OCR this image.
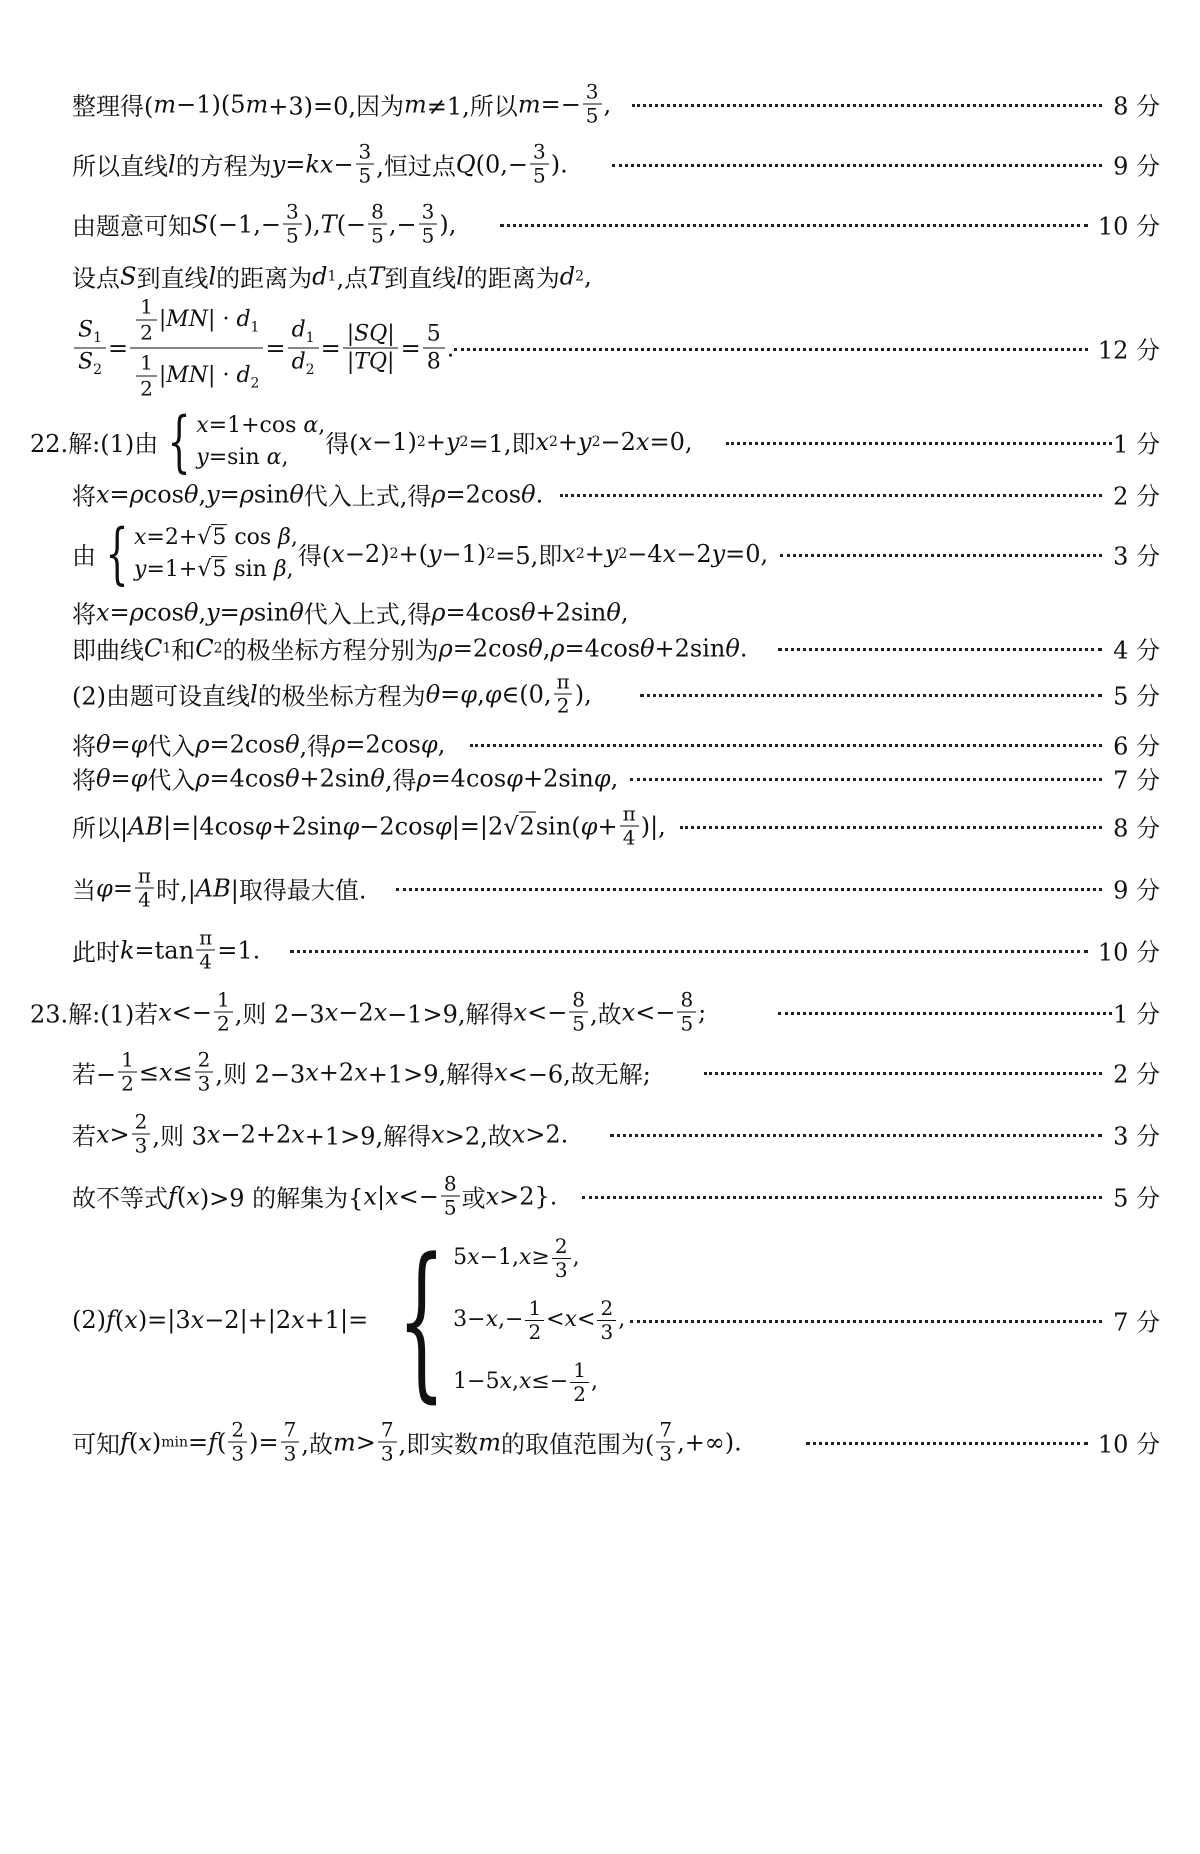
整理得( m −1)(5 m +3)=0,因为 m ≠1,所以 $m =- \frac{3}{5}$ ,	8 分
所以直线 l 的方程为 y = kx − $\frac{3}{5}$ ,恒过点 Q ($0,- \frac{3}{5}$ ).	9 分
由题意可知 S ($-1,- \frac{3}{5}$ ), T (− $\frac{8}{5}$ ,− $\frac{3}{5}$ ),	10 分
设点 S 到直线 l 的距离为 d 1 ,点 T 到直线 l 的距离为 d 2 ,
$\frac{S_1}{S_2} = \frac{\frac{1}{2} |MN| \cdot d_1}{\frac{1}{2} |MN| \cdot d_2} = \frac{d_1}{d_2} = \frac{|SQ|}{|TQ|} = \frac{5}{8}$ .	12 分
22.解:(1)由 { x=1+cos α,
y=sin α,	得( x −1) 2 + y 2 =1,即 x 2 + y 2 −2 x =0,	1 分
将 x = ρ cos θ , y = ρ sin θ 代入上式,得 ρ =2cos θ .	2 分
由 { x=2+√5 cos β,
y=1+√5 sin β, 得( x −2) 2 +( y −1) 2 =5,即 x 2 + y 2 −4 x −2 y =0,	3 分
将 x = ρ cos θ , y = ρ sin θ 代入上式,得 ρ =4cos θ +2sin θ ,
即曲线 C 1 和 C 2 的极坐标方程分别为 ρ =2cos θ , ρ =4cos θ +2sin θ .	4 分
(2)由题可设直线 l 的极坐标方程为 θ = φ , φ ∈(0, $\frac{\pi}{2}$ ),	5 分
将 θ = φ 代入 ρ =2cos θ ,得 ρ =2cos φ ,	6 分
将 θ = φ 代入 ρ =4cos θ +2sin θ ,得 ρ =4cos φ +2sin φ ,	7 分
所以| AB |=|4cos φ +2sin φ −2cos φ |=|2 √ 2 sin( $\varphi + \frac{\pi}{4}$ )|,	8 分
当 $\varphi = \frac{\pi}{4}$ 时,| AB |取得最大值.	9 分
此时 $k =\tan \frac{\pi}{4} =1$.	10 分
23.解:(1)若 $x <- \frac{1}{2}$ ,则 2−3 x −2 x −1>9,解得 $x <- \frac{8}{5}$ ,故 $x <- \frac{8}{5}$ ;	1 分
若− $\frac{1}{2} \le x \le \frac{2}{3}$ ,则 2−3 x +2 x +1>9,解得 x <−6,故无解;	2 分
若 $x > \frac{2}{3}$ ,则 3 x −2+2 x +1>9,解得 x >2,故 x >2.	3 分
故不等式 f ( x )>9 的解集为{ x | $x <- \frac{8}{5}$ 或 x >2}.	5 分
(2) f ( x )=|3 x −2|+|2 x +1|= { 5 x −1, $x \ge \frac{2}{3}$ ,
3− x ,− $\frac{1}{2} < x < \frac{2}{3}$ ,
1−5 x , $x \le- \frac{1}{2}$ ,
7 分
可知 f ( x ) min = f ( $\frac{2}{3}$ )= $\frac{7}{3}$ ,故 $m > \frac{7}{3}$ ,即实数 m 的取值范围为( $\frac{7}{3}$ ,+∞).	10 分
